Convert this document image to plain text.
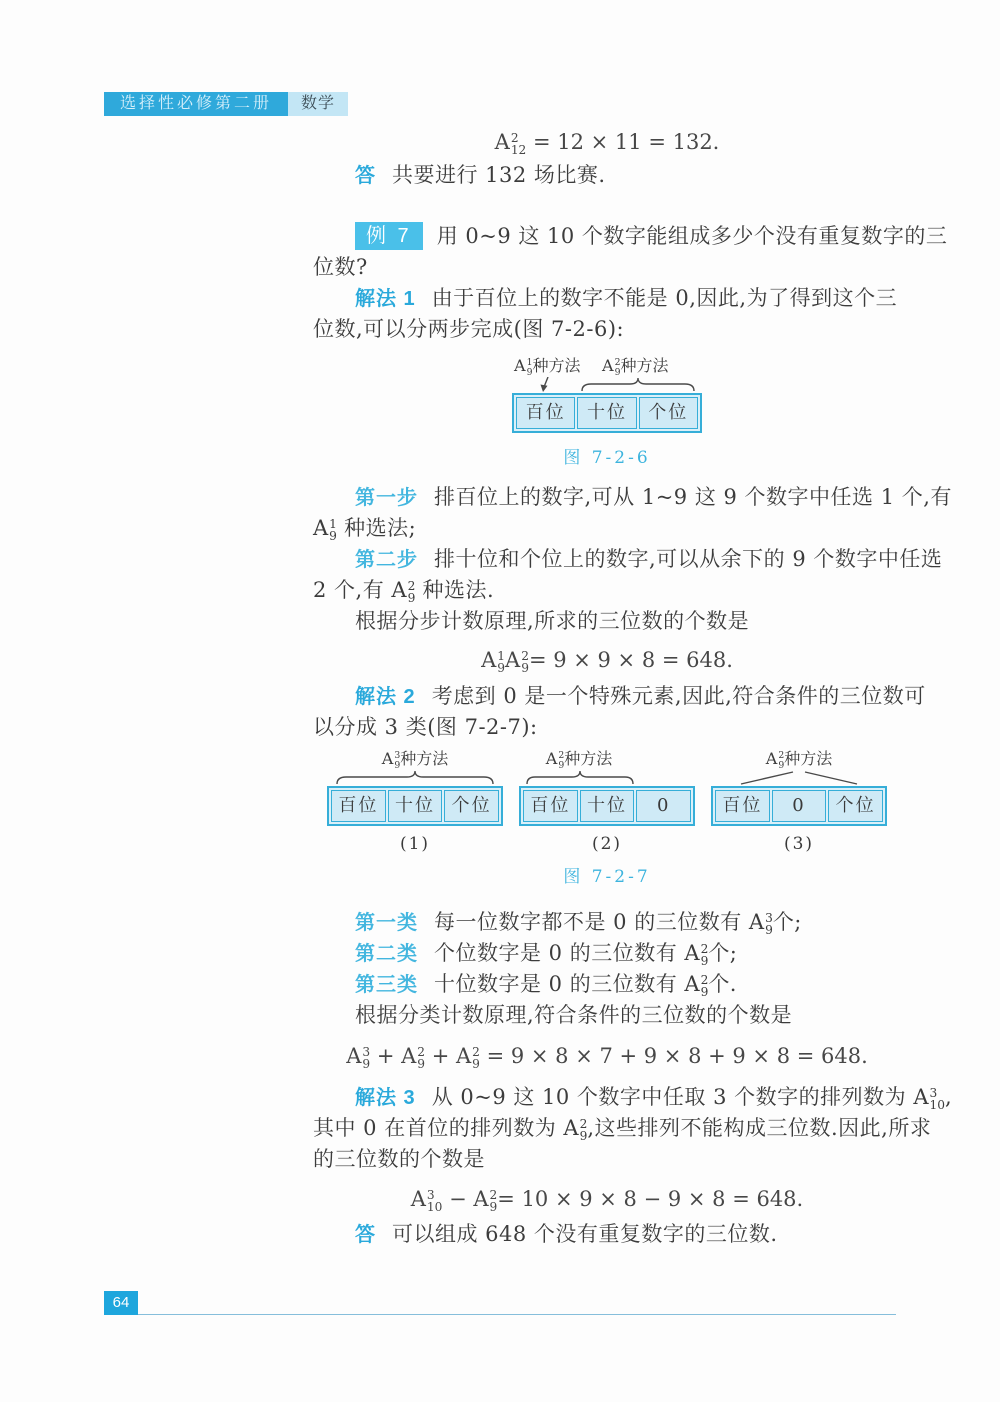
选择性必修第二册	数学
A 2
12 = 12 × 11 = 132.
答 共要进行 132 场比赛.
例 7 用 0~9 这 10 个数字能组成多少个没有重复数字的三
位数?
解法 1 由于百位上的数字不能是 0,因此,为了得到这个三
位数,可以分两步完成(图 7-2-6):
A 1
9 种方法 A 2
9 种方法
百位	十位	个位
图 7-2-6
第一步 排百位上的数字,可从 1~9 这 9 个数字中任选 1 个,有
A 1
9 种选法;
第二步 排十位和个位上的数字,可以从余下的 9 个数字中任选
2 个,有 A 2
9 种选法.
根据分步计数原理,所求的三位数的个数是
A 1
9 A 2
9 = 9 × 9 × 8 = 648.
解法 2 考虑到 0 是一个特殊元素,因此,符合条件的三位数可
以分成 3 类(图 7-2-7):
A 3
9 种方法
百位 十位 个位
(1)
A 2
9 种方法
百位 十位	0
(2)
A 2
9 种方法
百位	0	个位
(3)
图 7-2-7
第一类 每一位数字都不是 0 的三位数有 A 3
9 个;
第二类 个位数字是 0 的三位数有 A 2
9 个;
第三类 十位数字是 0 的三位数有 A 2
9 个.
根据分类计数原理,符合条件的三位数的个数是
A 3
9 + A 2
9 + A 2
9 = 9 × 8 × 7 + 9 × 8 + 9 × 8 = 648.
解法 3 从 0~9 这 10 个数字中任取 3 个数字的排列数为 A 3
10 ,
其中 0 在首位的排列数为 A 2
9 ,这些排列不能构成三位数.因此,所求
的三位数的个数是
A 3
10 − A 2
9 = 10 × 9 × 8 − 9 × 8 = 648.
答 可以组成 648 个没有重复数字的三位数.
64
